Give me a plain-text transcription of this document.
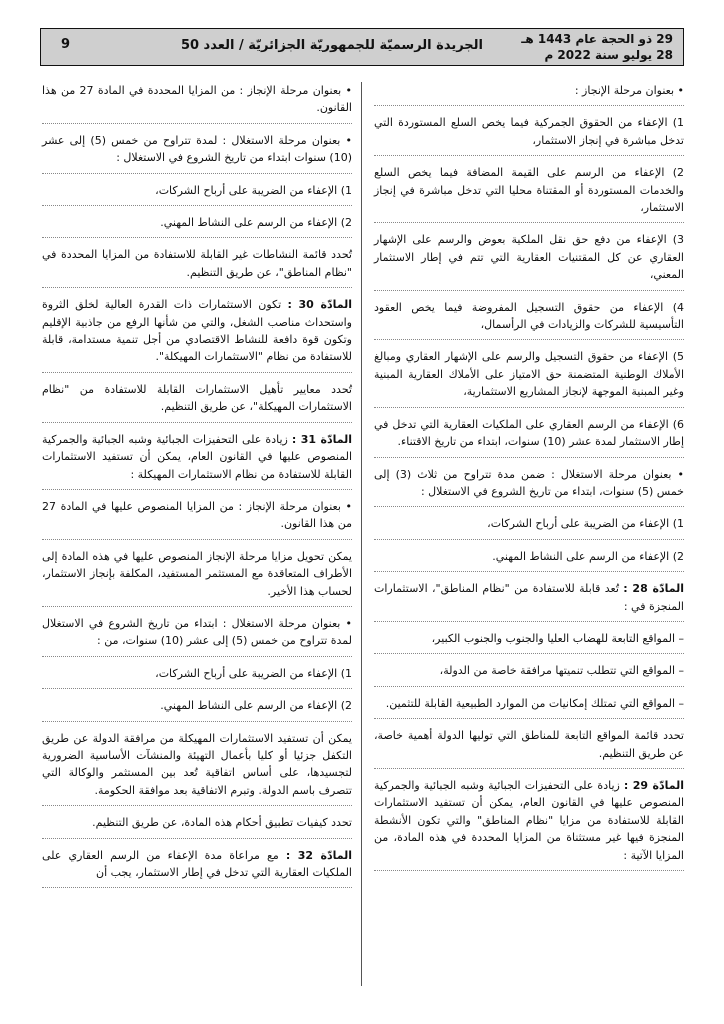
29 ذو الحجة عام 1443 هـ
28 يوليو سنة 2022 م
الجريدة الرسميّة للجمهوريّة الجزائريّة / العدد 50
9

• بعنوان مرحلة الإنجاز :

1) الإعفاء من الحقوق الجمركية فيما يخص السلع المستوردة التي تدخل مباشرة في إنجاز الاستثمار،

2) الإعفاء من الرسم على القيمة المضافة فيما يخص السلع والخدمات المستوردة أو المقتناة محليا التي تدخل مباشرة في إنجاز الاستثمار،

3) الإعفاء من دفع حق نقل الملكية بعوض والرسم على الإشهار العقاري عن كل المقتنيات العقارية التي تتم في إطار الاستثمار المعني،

4) الإعفاء من حقوق التسجيل المفروضة فيما يخص العقود التأسيسية للشركات والزيادات في الرأسمال،

5) الإعفاء من حقوق التسجيل والرسم على الإشهار العقاري ومبالغ الأملاك الوطنية المتضمنة حق الامتياز على الأملاك العقارية المبنية وغير المبنية الموجهة لإنجاز المشاريع الاستثمارية،

6) الإعفاء من الرسم العقاري على الملكيات العقارية التي تدخل في إطار الاستثمار لمدة عشر (10) سنوات، ابتداء من تاريخ الاقتناء.

• بعنوان مرحلة الاستغلال : ضمن مدة تتراوح من ثلاث (3) إلى خمس (5) سنوات، ابتداء من تاريخ الشروع في الاستغلال :

1) الإعفاء من الضريبة على أرباح الشركات،

2) الإعفاء من الرسم على النشاط المهني.

المادّة 28 : تُعد قابلة للاستفادة من "نظام المناطق"، الاستثمارات المنجزة في :

– المواقع التابعة للهضاب العليا والجنوب والجنوب الكبير،

– المواقع التي تتطلب تنميتها مرافقة خاصة من الدولة،

– المواقع التي تمتلك إمكانيات من الموارد الطبيعية القابلة للتثمين.

تحدد قائمة المواقع التابعة للمناطق التي توليها الدولة أهمية خاصة، عن طريق التنظيم.

المادّة 29 : زيادة على التحفيزات الجبائية وشبه الجبائية والجمركية المنصوص عليها في القانون العام، يمكن أن تستفيد الاستثمارات القابلة للاستفادة من مزايا "نظام المناطق" والتي تكون الأنشطة المنجزة فيها غير مستثناة من المزايا المحددة في هذه المادة، من المزايا الآتية :

• بعنوان مرحلة الإنجاز : من المزايا المحددة في المادة 27 من هذا القانون.

• بعنوان مرحلة الاستغلال : لمدة تتراوح من خمس (5) إلى عشر (10) سنوات ابتداء من تاريخ الشروع في الاستغلال :

1) الإعفاء من الضريبة على أرباح الشركات،

2) الإعفاء من الرسم على النشاط المهني.

تُحدد قائمة النشاطات غير القابلة للاستفادة من المزايا المحددة في "نظام المناطق"، عن طريق التنظيم.

المادّة 30 : تكون الاستثمارات ذات القدرة العالية لخلق الثروة واستحداث مناصب الشغل، والتي من شأنها الرفع من جاذبية الإقليم وتكون قوة دافعة للنشاط الاقتصادي من أجل تنمية مستدامة، قابلة للاستفادة من نظام "الاستثمارات المهيكلة".

تُحدد معايير تأهيل الاستثمارات القابلة للاستفادة من "نظام الاستثمارات المهيكلة"، عن طريق التنظيم.

المادّة 31 : زيادة على التحفيزات الجبائية وشبه الجبائية والجمركية المنصوص عليها في القانون العام، يمكن أن تستفيد الاستثمارات القابلة للاستفادة من نظام الاستثمارات المهيكلة :

• بعنوان مرحلة الإنجاز : من المزايا المنصوص عليها في المادة 27 من هذا القانون.

يمكن تحويل مزايا مرحلة الإنجاز المنصوص عليها في هذه المادة إلى الأطراف المتعاقدة مع المستثمر المستفيد، المكلفة بإنجاز الاستثمار، لحساب هذا الأخير.

• بعنوان مرحلة الاستغلال : ابتداء من تاريخ الشروع في الاستغلال لمدة تتراوح من خمس (5) إلى عشر (10) سنوات، من :

1) الإعفاء من الضريبة على أرباح الشركات،

2) الإعفاء من الرسم على النشاط المهني.

يمكن أن تستفيد الاستثمارات المهيكلة من مرافقة الدولة عن طريق التكفل جزئيا أو كليا بأعمال التهيئة والمنشآت الأساسية الضرورية لتجسيدها، على أساس اتفاقية تُعد بين المستثمر والوكالة التي تتصرف باسم الدولة. وتبرم الاتفاقية بعد موافقة الحكومة.

تحدد كيفيات تطبيق أحكام هذه المادة، عن طريق التنظيم.

المادّة 32 : مع مراعاة مدة الإعفاء من الرسم العقاري على الملكيات العقارية التي تدخل في إطار الاستثمار، يجب أن
